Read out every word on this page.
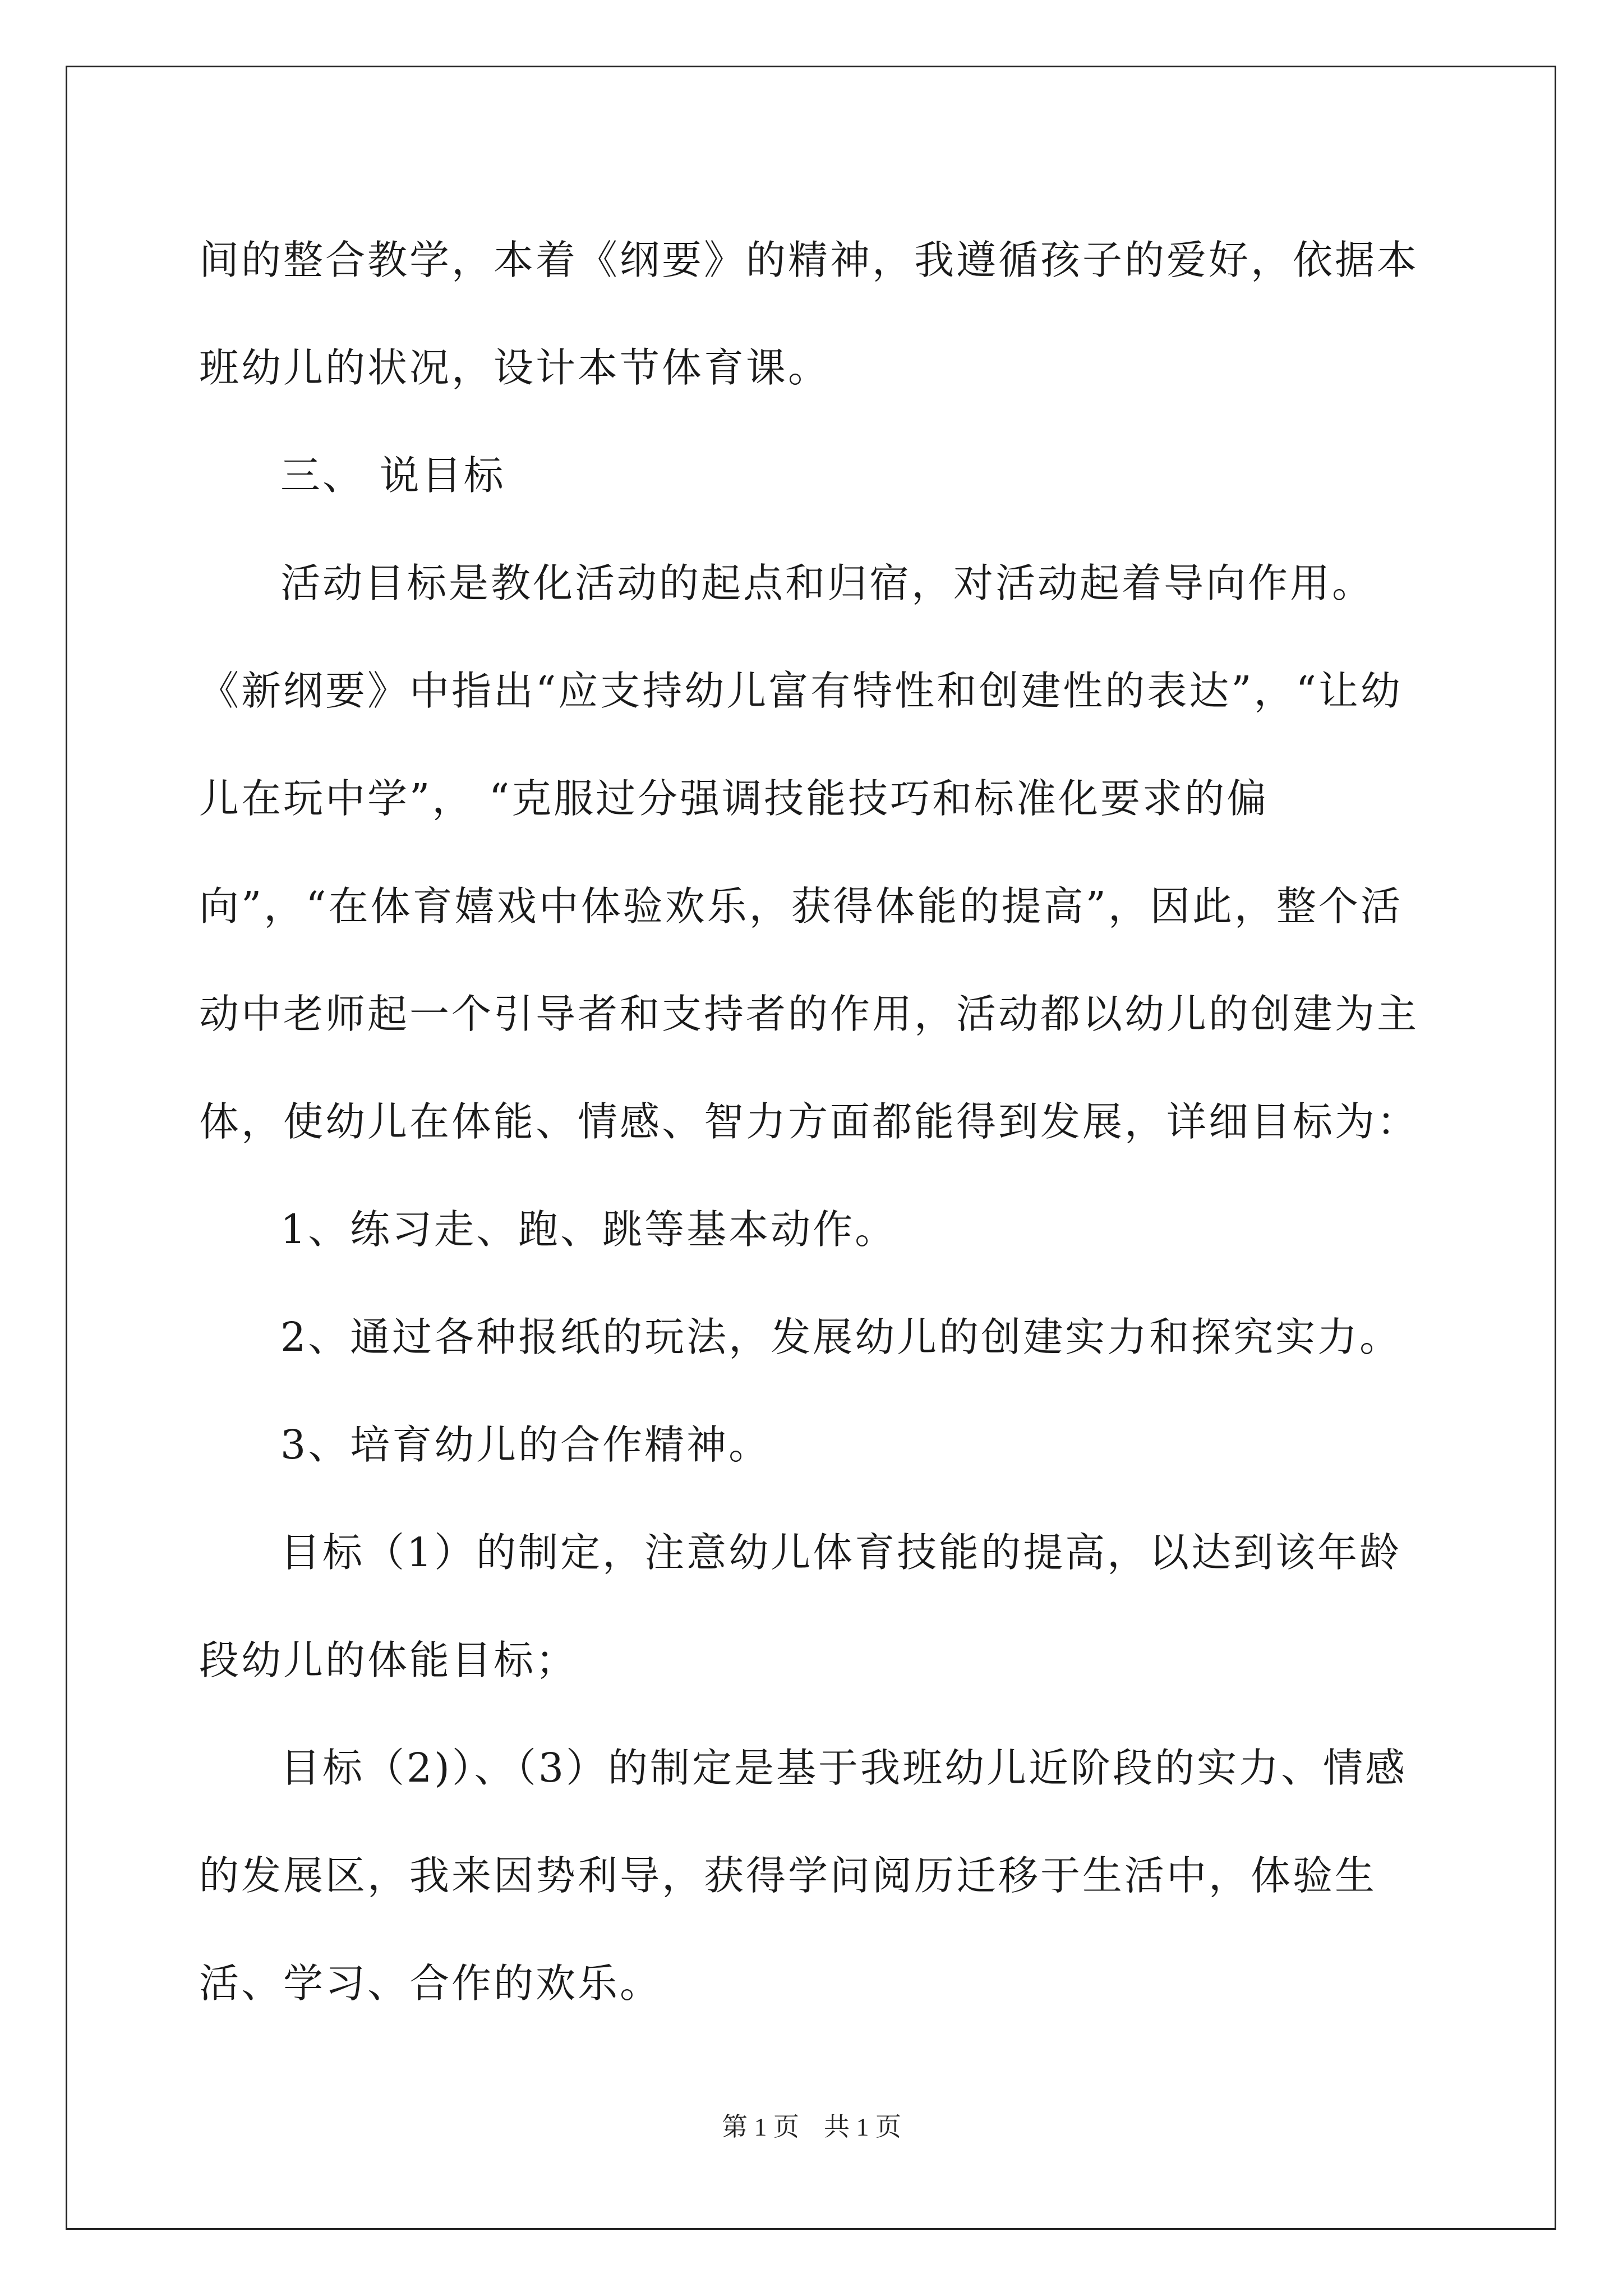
间的整合教学，本着《纲要》的精神，我遵循孩子的爱好，依据本班幼儿的状况，设计本节体育课。

三、 说目标

活动目标是教化活动的起点和归宿，对活动起着导向作用。《新纲要》中指出“应支持幼儿富有特性和创建性的表达”，“让幼儿在玩中学”， “克服过分强调技能技巧和标准化要求的偏向”，“在体育嬉戏中体验欢乐，获得体能的提高”，因此，整个活动中老师起一个引导者和支持者的作用，活动都以幼儿的创建为主体，使幼儿在体能、情感、智力方面都能得到发展，详细目标为：

1、练习走、跑、跳等基本动作。

2、通过各种报纸的玩法，发展幼儿的创建实力和探究实力。

3、培育幼儿的合作精神。

目标（1）的制定，注意幼儿体育技能的提高，以达到该年龄段幼儿的体能目标；

目标（2)）、（3）的制定是基于我班幼儿近阶段的实力、情感的发展区，我来因势利导，获得学问阅历迁移于生活中，体验生活、学习、合作的欢乐。

第 1 页 共 1 页
